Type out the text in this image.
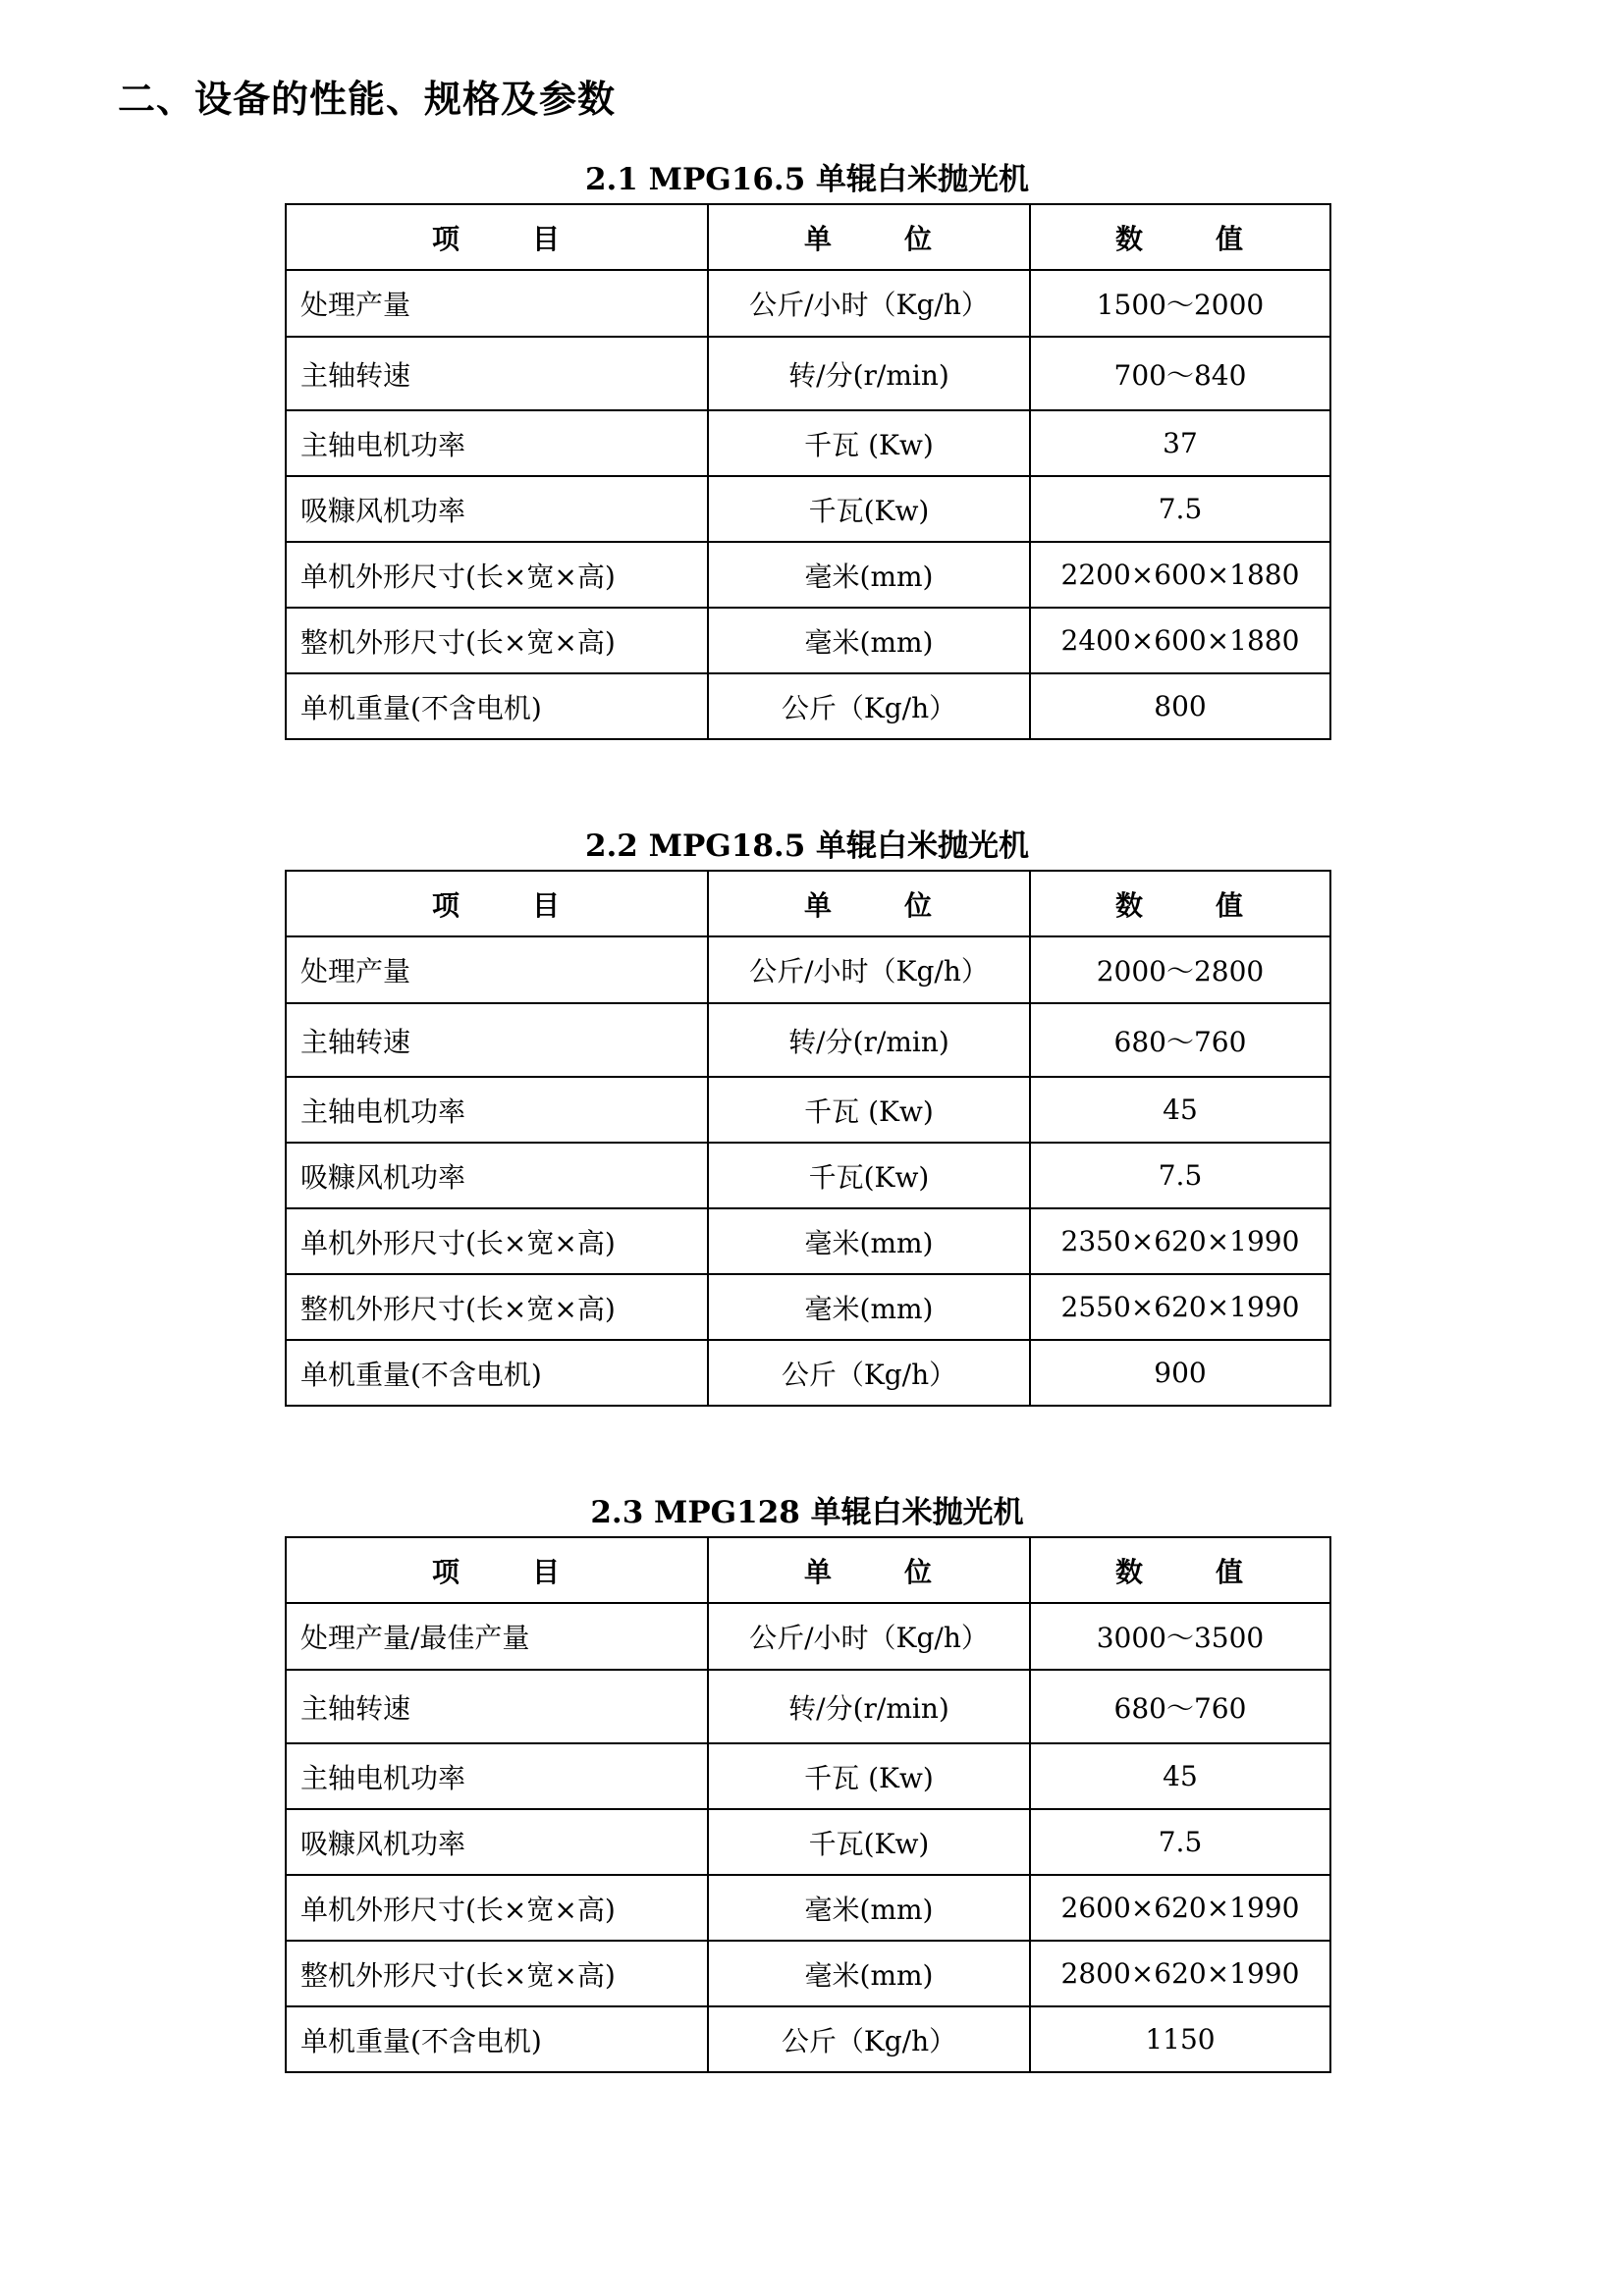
二、设备的性能、规格及参数
2.1 MPG16.5 单辊白米抛光机
项 目	单 位	数 值
处理产量	公斤/小时（Kg/h）	1500～2000
主轴转速	转/分(r/min)	700～840
主轴电机功率	千瓦 (Kw)	37
吸糠风机功率	千瓦(Kw)	7.5
单机外形尺寸(长×宽×高)	毫米(mm)	2200×600×1880
整机外形尺寸(长×宽×高)	毫米(mm)	2400×600×1880
单机重量(不含电机)	公斤（Kg/h）	800
2.2 MPG18.5 单辊白米抛光机
项 目	单 位	数 值
处理产量	公斤/小时（Kg/h）	2000～2800
主轴转速	转/分(r/min)	680～760
主轴电机功率	千瓦 (Kw)	45
吸糠风机功率	千瓦(Kw)	7.5
单机外形尺寸(长×宽×高)	毫米(mm)	2350×620×1990
整机外形尺寸(长×宽×高)	毫米(mm)	2550×620×1990
单机重量(不含电机)	公斤（Kg/h）	900
2.3 MPG128 单辊白米抛光机
项 目	单 位	数 值
处理产量/最佳产量	公斤/小时（Kg/h）	3000～3500
主轴转速	转/分(r/min)	680～760
主轴电机功率	千瓦 (Kw)	45
吸糠风机功率	千瓦(Kw)	7.5
单机外形尺寸(长×宽×高)	毫米(mm)	2600×620×1990
整机外形尺寸(长×宽×高)	毫米(mm)	2800×620×1990
单机重量(不含电机)	公斤（Kg/h）	1150
